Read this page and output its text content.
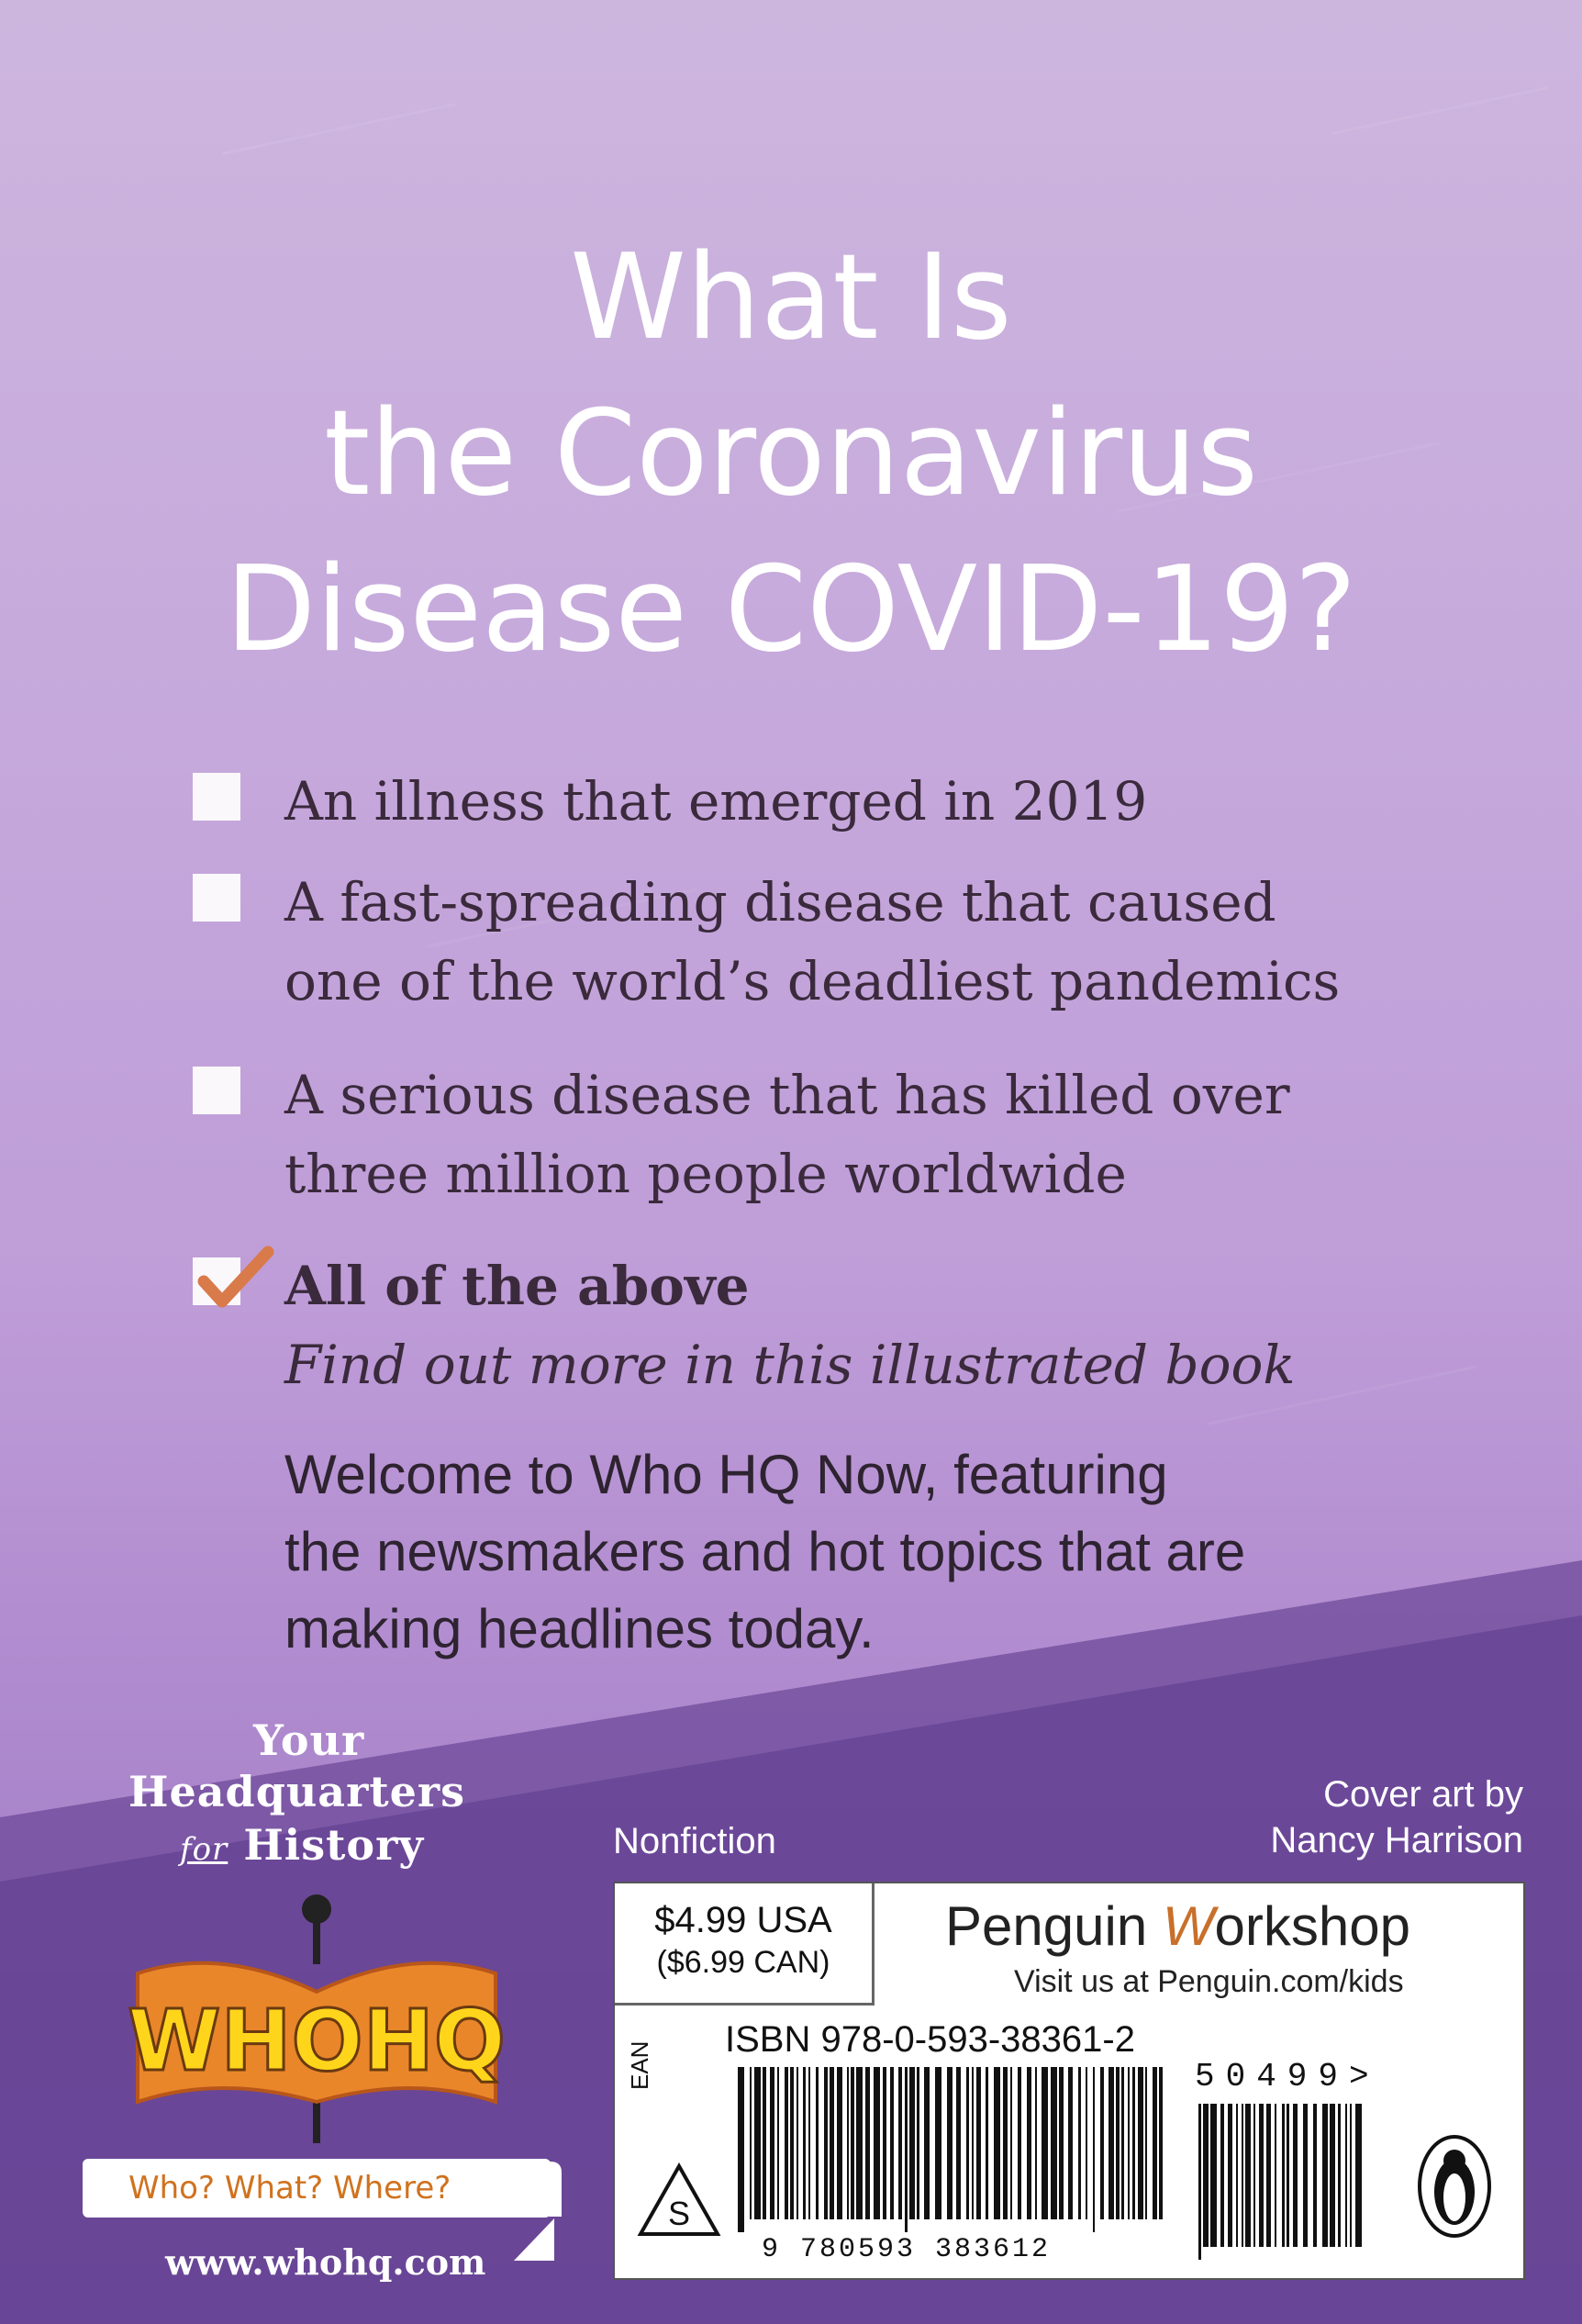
What Is
the Coronavirus
Disease COVID-19?
An illness that emerged in 2019
A fast-spreading disease that caused
one of the world’s deadliest pandemics
A serious disease that has killed over
three million people worldwide
All of the above
Find out more in this illustrated book
Welcome to Who HQ Now, featuring
the newsmakers and hot topics that are
making headlines today.
Your
Headquarters
for History
WHOHQ
Who? What? Where?
www.whohq.com
Cover art by
Nancy Harrison
Nonfiction
$4.99 USA
($6.99 CAN)
Penguin Workshop
Visit us at Penguin.com/kids
ISBN 978-0-593-38361-2
EAN
S
9 780593 383612
50499>
